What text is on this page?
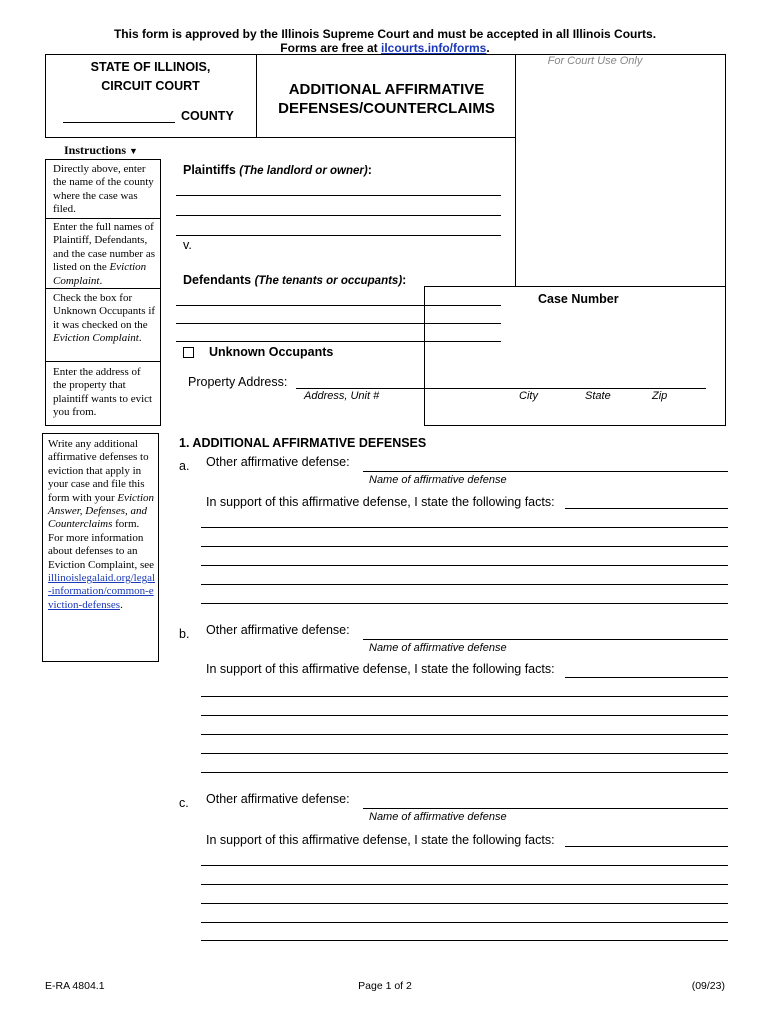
This form is approved by the Illinois Supreme Court and must be accepted in all Illinois Courts.
Forms are free at ilcourts.info/forms.
STATE OF ILLINOIS,
CIRCUIT COURT
COUNTY
ADDITIONAL AFFIRMATIVE
DEFENSES/COUNTERCLAIMS
For Court Use Only
Case Number
Instructions ▼
Directly above, enter the name of the county where the case was filed.
Enter the full names of Plaintiff, Defendants, and the case number as listed on the Eviction Complaint.
Check the box for Unknown Occupants if it was checked on the Eviction Complaint.
Enter the address of the property that plaintiff wants to evict you from.
Plaintiffs (The landlord or owner):
v.
Defendants (The tenants or occupants):
Unknown Occupants
Property Address:
Address, Unit #	City	State	Zip
Write any additional affirmative defenses to eviction that apply in your case and file this form with your Eviction Answer, Defenses, and Counterclaims form. For more information about defenses to an Eviction Complaint, see illinoislegalaid.org/legal-information/common-eviction-defenses.
1. ADDITIONAL AFFIRMATIVE DEFENSES
a. Other affirmative defense:
Name of affirmative defense
In support of this affirmative defense, I state the following facts:
b. Other affirmative defense:
Name of affirmative defense
In support of this affirmative defense, I state the following facts:
c. Other affirmative defense:
Name of affirmative defense
In support of this affirmative defense, I state the following facts:
E-RA 4804.1	Page 1 of 2	(09/23)
